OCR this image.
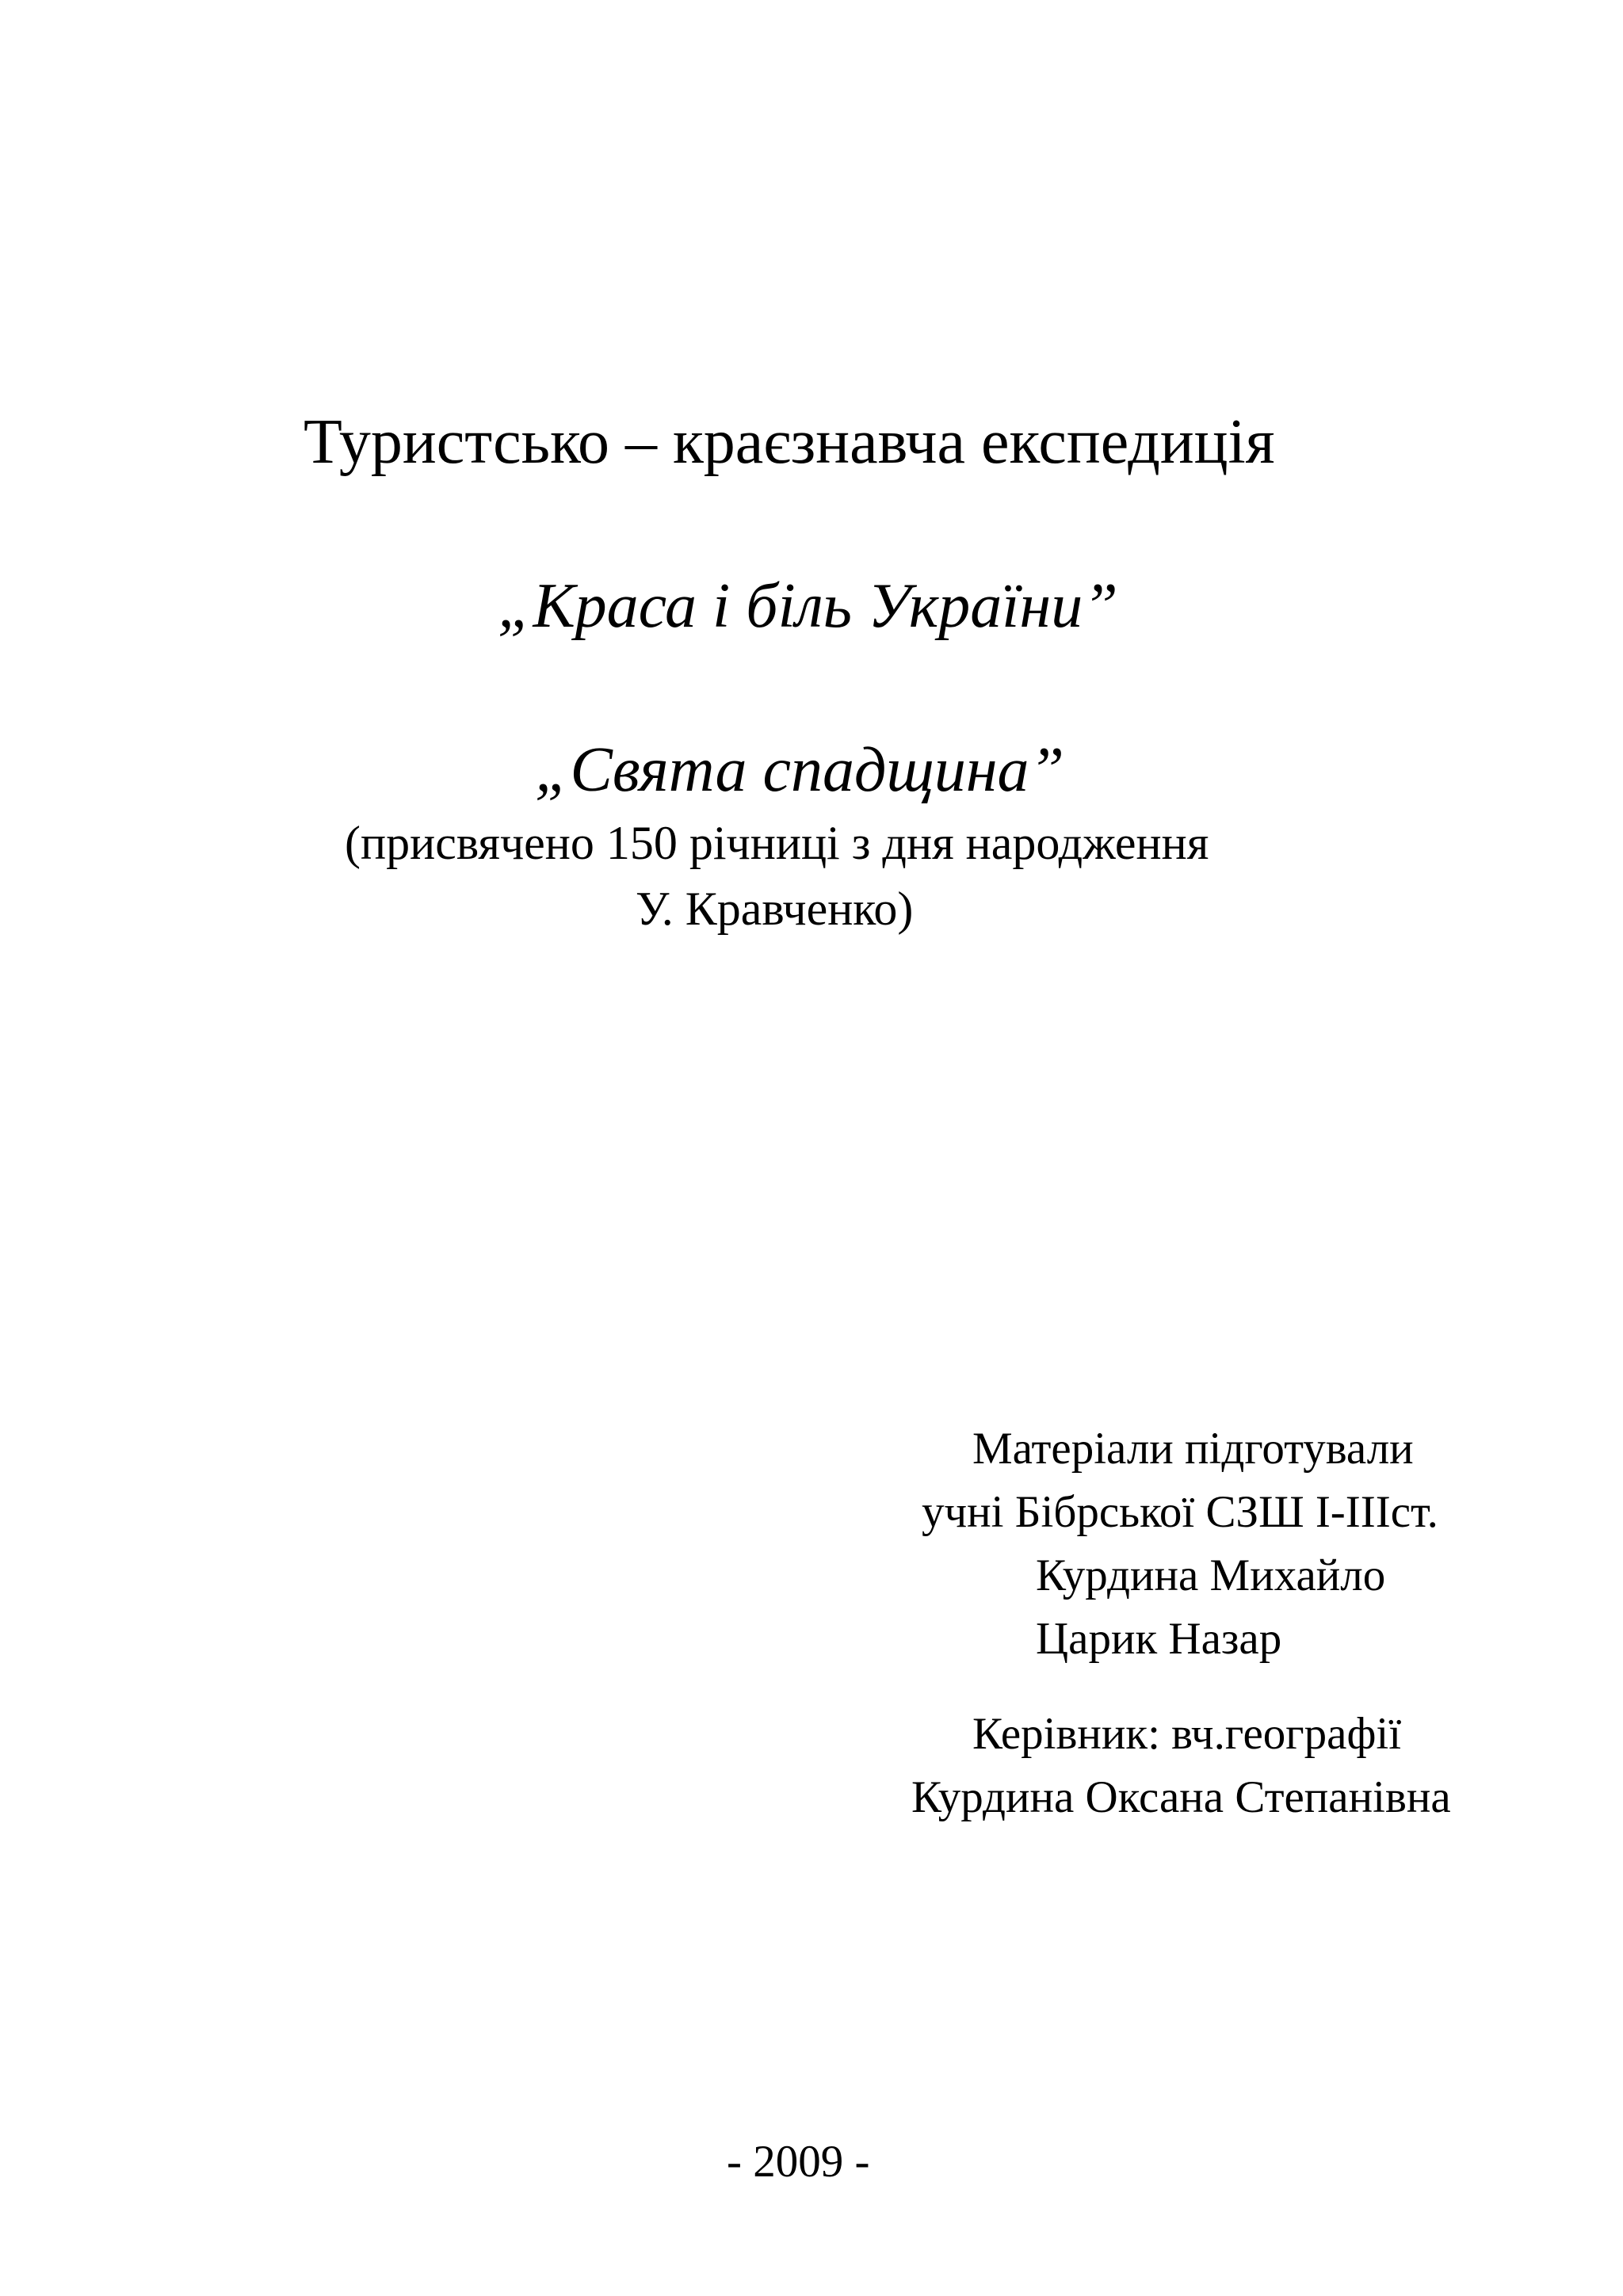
Туристсько – краєзнавча експедиція
„Краса і біль України”
„Свята спадщина”
(присвячено 150 річниці з дня народження
У. Кравченко)
Матеріали підготували
учні Бібрської СЗШ І-ІІІст.
Курдина Михайло
Царик Назар
Керівник: вч.географії
Курдина Оксана Степанівна
- 2009 -
